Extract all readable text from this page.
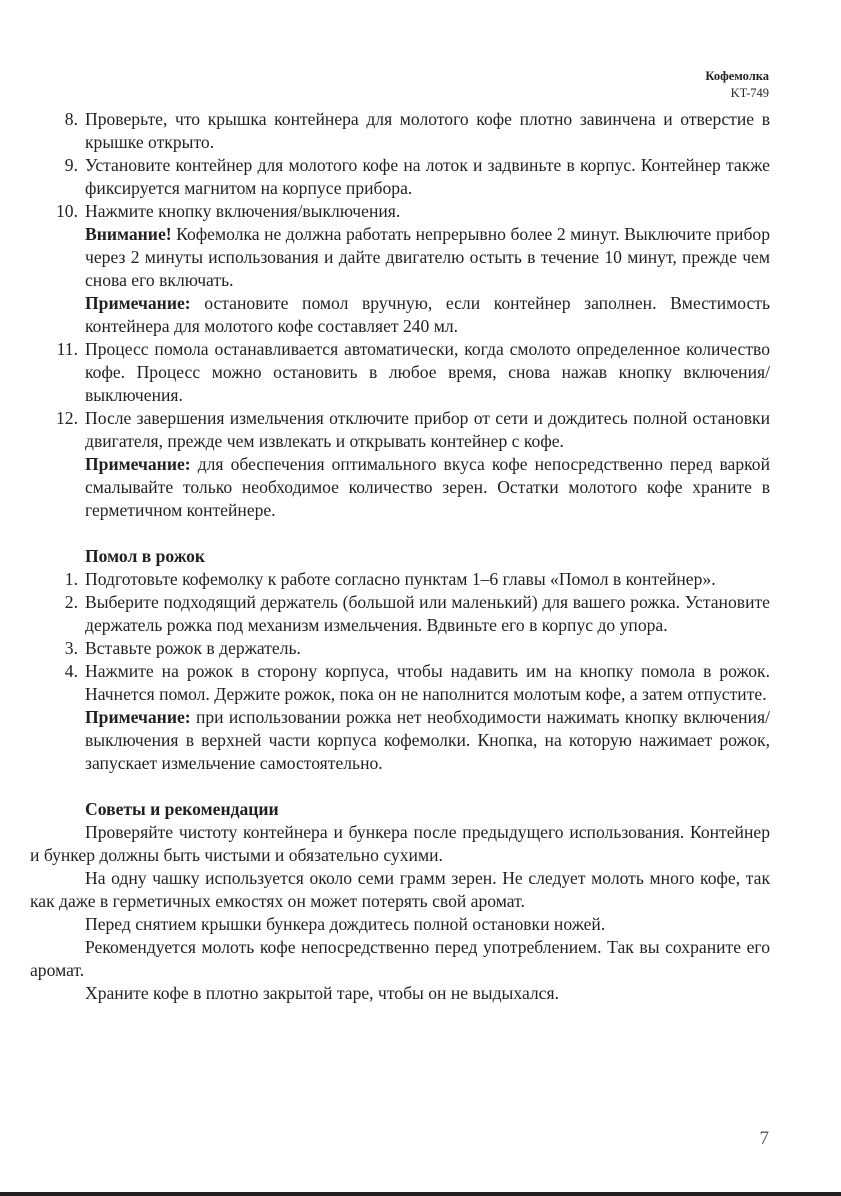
Кофемолка
KT-749

8. Проверьте, что крышка контейнера для молотого кофе плотно завинчена и отверстие в крышке открыто.

9. Установите контейнер для молотого кофе на лоток и задвиньте в корпус. Контейнер также фиксируется магнитом на корпусе прибора.

10. Нажмите кнопку включения/выключения.

Внимание! Кофемолка не должна работать непрерывно более 2 минут. Выключите прибор через 2 минуты использования и дайте двигателю остыть в течение 10 минут, прежде чем снова его включать.

Примечание: остановите помол вручную, если контейнер заполнен. Вместимость контейнера для молотого кофе составляет 240 мл.

11. Процесс помола останавливается автоматически, когда смолото определенное количество кофе. Процесс можно остановить в любое время, снова нажав кнопку включения/выключения.

12. После завершения измельчения отключите прибор от сети и дождитесь полной остановки двигателя, прежде чем извлекать и открывать контейнер с кофе.

Примечание: для обеспечения оптимального вкуса кофе непосредственно перед варкой смалывайте только необходимое количество зерен. Остатки молотого кофе храните в герметичном контейнере.

Помол в рожок

1. Подготовьте кофемолку к работе согласно пунктам 1–6 главы «Помол в контейнер».

2. Выберите подходящий держатель (большой или маленький) для вашего рожка. Установите держатель рожка под механизм измельчения. Вдвиньте его в корпус до упора.

3. Вставьте рожок в держатель.

4. Нажмите на рожок в сторону корпуса, чтобы надавить им на кнопку помола в рожок. Начнется помол. Держите рожок, пока он не наполнится молотым кофе, а затем отпустите.

Примечание: при использовании рожка нет необходимости нажимать кнопку включения/выключения в верхней части корпуса кофемолки. Кнопка, на которую нажимает рожок, запускает измельчение самостоятельно.

Советы и рекомендации

Проверяйте чистоту контейнера и бункера после предыдущего использования. Контейнер и бункер должны быть чистыми и обязательно сухими.

На одну чашку используется около семи грамм зерен. Не следует молоть много кофе, так как даже в герметичных емкостях он может потерять свой аромат.

Перед снятием крышки бункера дождитесь полной остановки ножей.

Рекомендуется молоть кофе непосредственно перед употреблением. Так вы сохраните его аромат.

Храните кофе в плотно закрытой таре, чтобы он не выдыхался.

7
